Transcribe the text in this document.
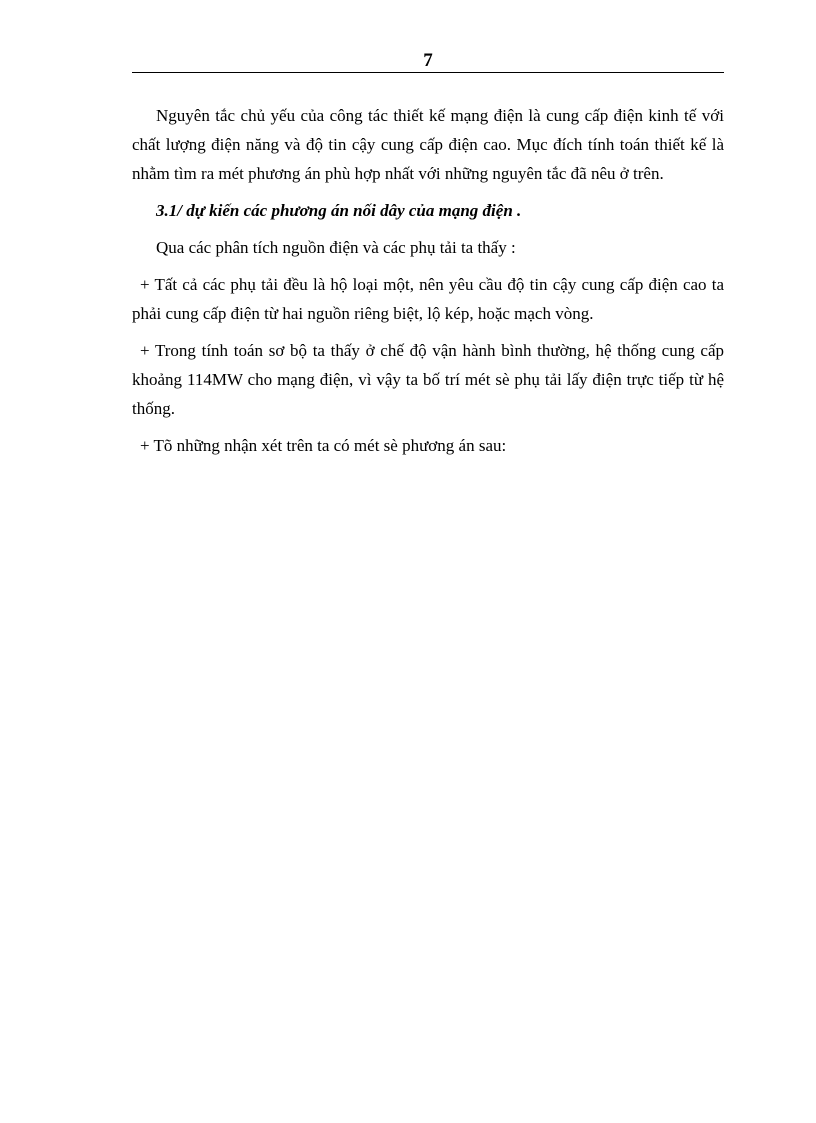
7

Nguyên tắc chủ yếu của công tác thiết kế mạng điện là cung cấp điện kinh tế với chất lượng điện năng và độ tin cậy cung cấp điện cao. Mục đích tính toán thiết kế là nhằm tìm ra mét phương án phù hợp nhất với những nguyên tắc đã nêu ở trên.

3.1/ dự kiến các phương án nối dây của mạng điện .

Qua các phân tích nguồn điện và các phụ tải ta thấy :

+ Tất cả các phụ tải đều là hộ loại một, nên yêu cầu độ tin cậy cung cấp điện cao ta phải cung cấp điện từ hai nguồn riêng biệt, lộ kép, hoặc mạch vòng.

+ Trong tính toán sơ bộ ta thấy ở chế độ vận hành bình thường, hệ thống cung cấp khoảng 114MW cho mạng điện, vì vậy ta bố trí mét sè phụ tải lấy điện trực tiếp từ hệ thống.

+ Tõ những nhận xét trên ta có mét sè phương án sau:
